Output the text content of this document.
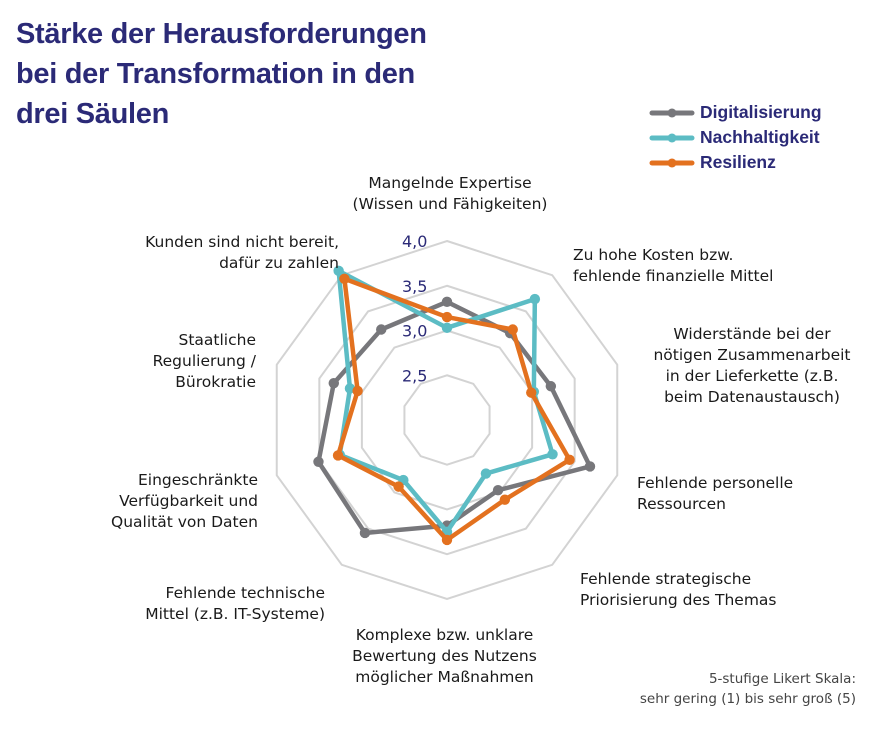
Stärke der Herausforderungen
bei der Transformation in den
drei Säulen	Digitalisierung
Nachhaltigkeit
Resilienz
2,5
3,0
3,5
4,0
Mangelnde Expertise
(Wissen und Fähigkeiten)
Zu hohe Kosten bzw.
fehlende finanzielle Mittel
Widerstände bei der
nötigen Zusammenarbeit
in der Lieferkette (z.B.
beim Datenaustausch)
Fehlende personelle
Ressourcen
Fehlende strategische
Priorisierung des Themas
Komplexe bzw. unklare
Bewertung des Nutzens
möglicher Maßnahmen
Fehlende technische
Mittel (z.B. IT-Systeme)
Eingeschränkte
Verfügbarkeit und
Qualität von Daten
Staatliche
Regulierung /
Bürokratie
Kunden sind nicht bereit,
dafür zu zahlen
5-stufige Likert Skala:
sehr gering (1) bis sehr groß (5)
